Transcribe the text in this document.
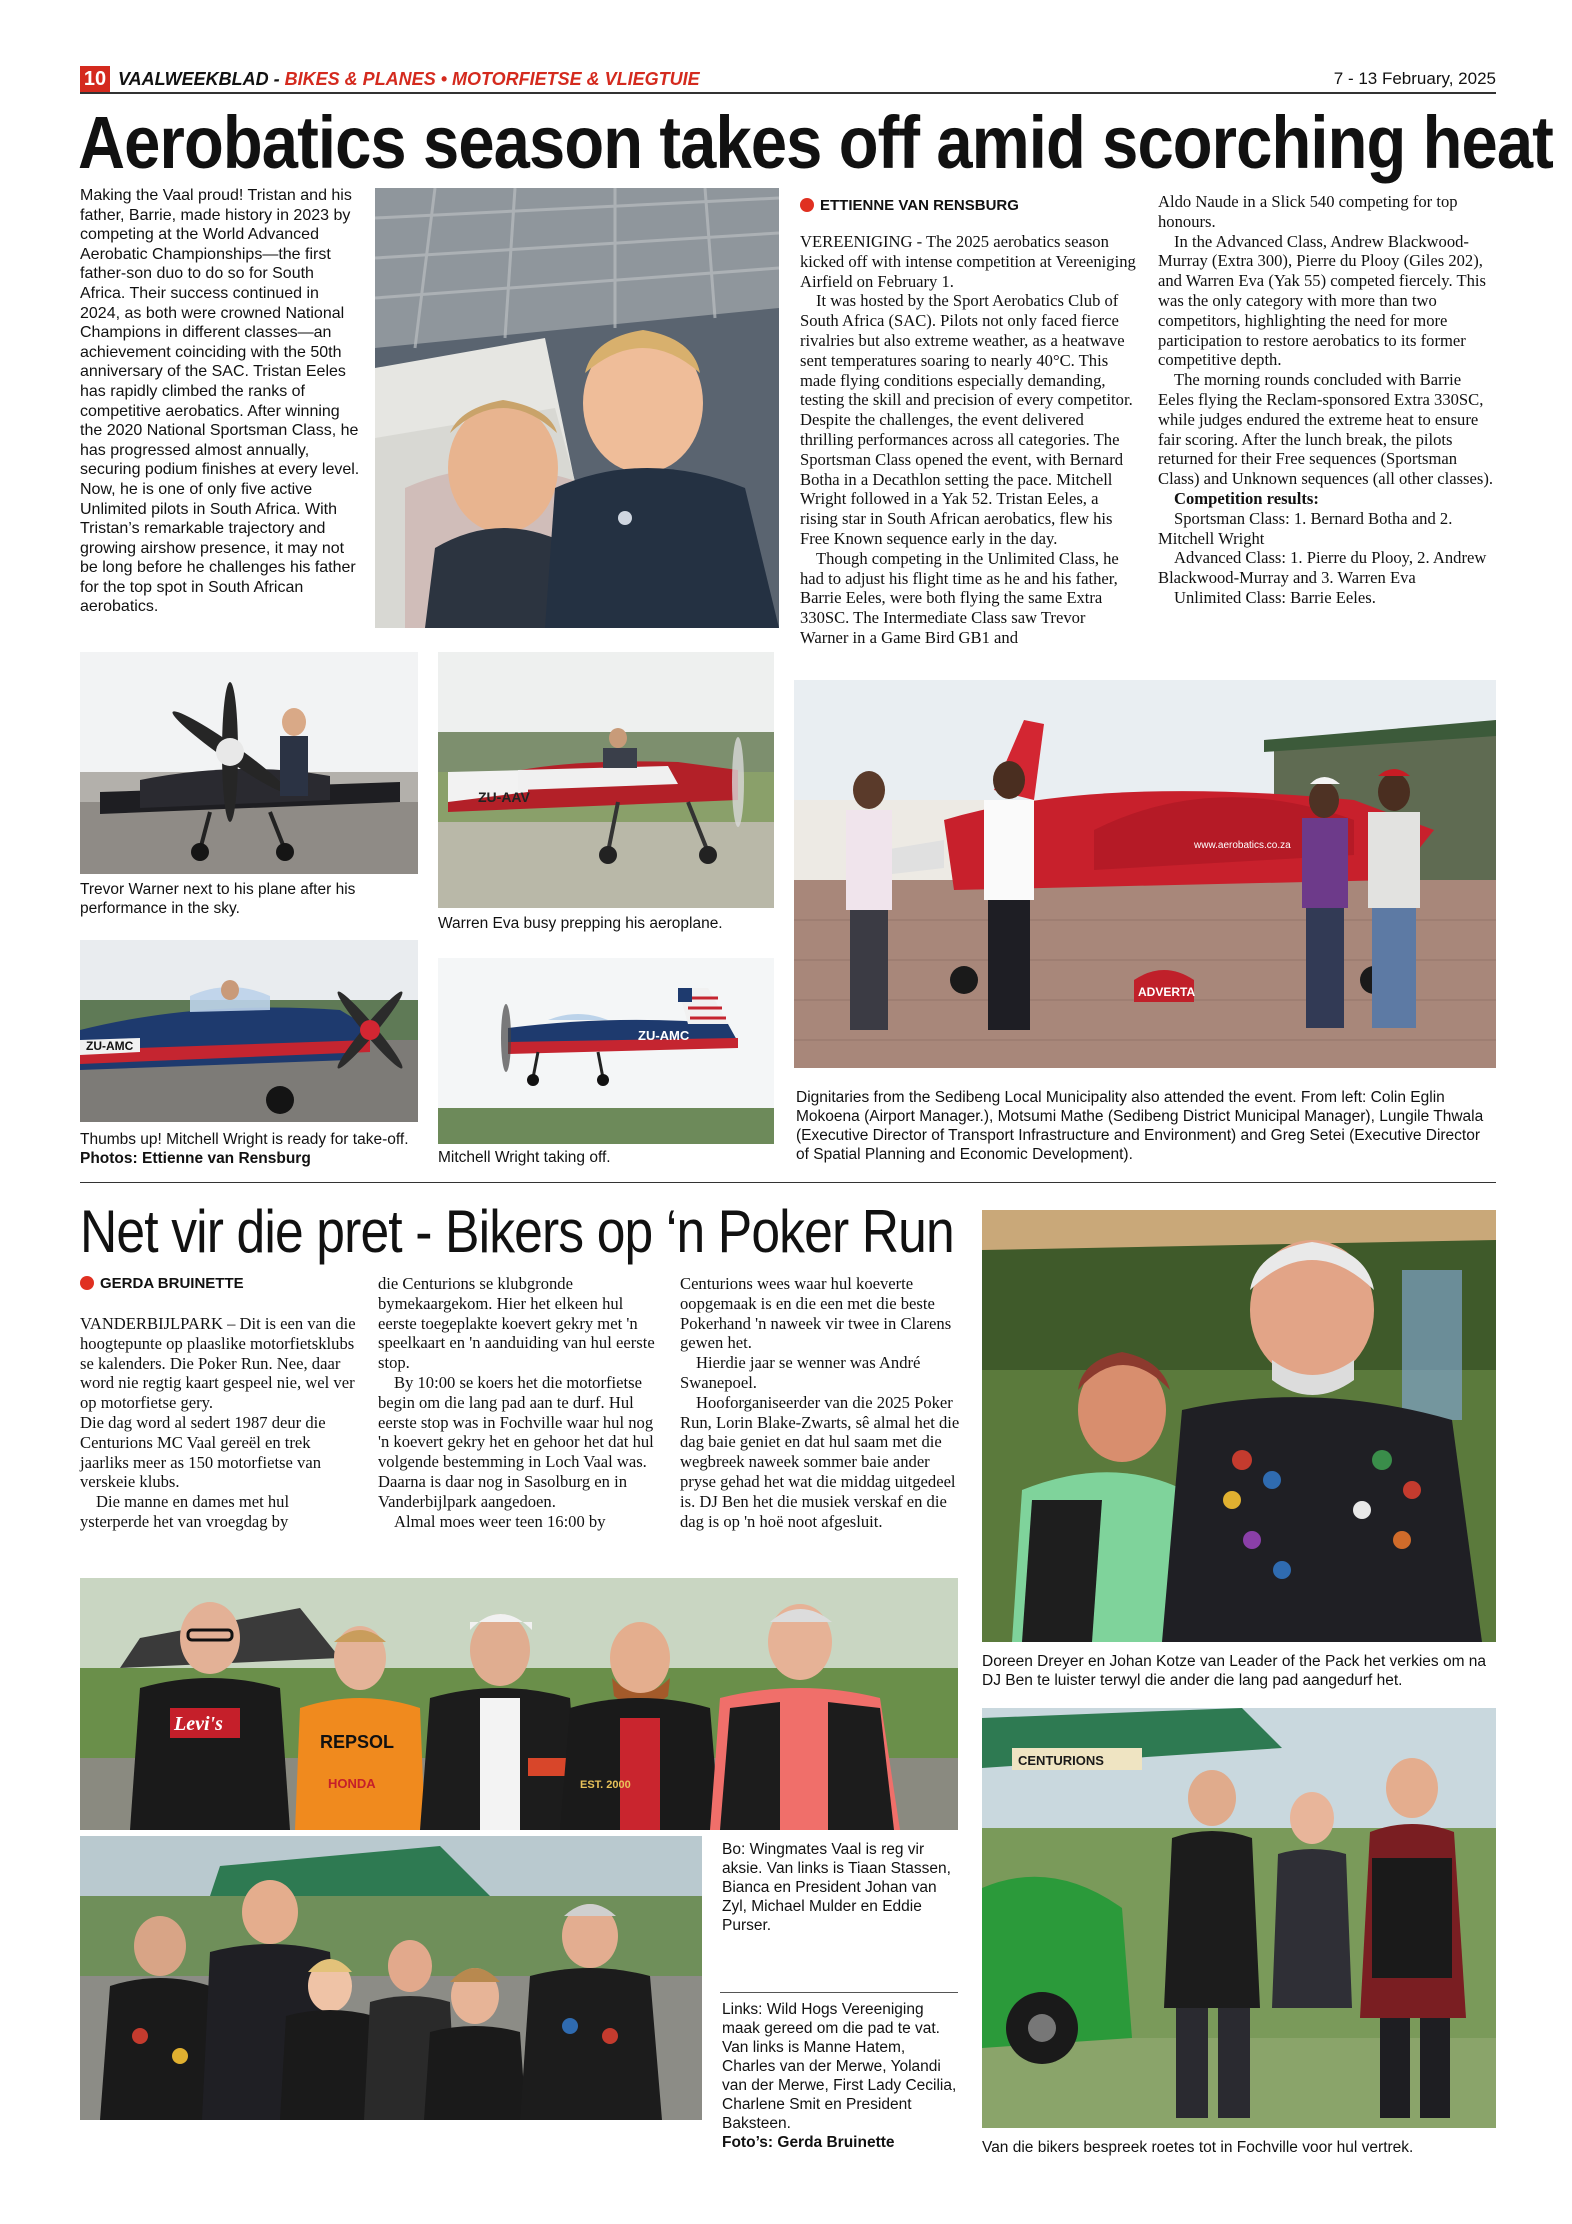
10 VAALWEEKBLAD - BIKES & PLANES • MOTORFIETSE & VLIEGTUIE	7 - 13 February, 2025
Aerobatics season takes off amid scorching heat
Making the Vaal proud! Tristan and his father, Barrie, made history in 2023 by competing at the World Advanced Aerobatic Championships—the first father-son duo to do so for South Africa. Their success continued in 2024, as both were crowned National Champions in different classes—an achievement coinciding with the 50th anniversary of the SAC. Tristan Eeles has rapidly climbed the ranks of competitive aerobatics. After winning the 2020 National Sportsman Class, he has progressed almost annually, securing podium finishes at every level. Now, he is one of only five active Unlimited pilots in South Africa. With Tristan’s remarkable trajectory and growing airshow presence, it may not be long before he challenges his father for the top spot in South African aerobatics.
ETTIENNE VAN RENSBURG

VEREENIGING - The 2025 aerobatics season kicked off with intense competition at Vereeniging Airfield on February 1.

It was hosted by the Sport Aerobatics Club of South Africa (SAC). Pilots not only faced fierce rivalries but also extreme weather, as a heatwave sent temperatures soaring to nearly 40°C. This made flying conditions especially demanding, testing the skill and precision of every competitor. Despite the challenges, the event delivered thrilling performances across all categories. The Sportsman Class opened the event, with Bernard Botha in a Decathlon setting the pace. Mitchell Wright followed in a Yak 52. Tristan Eeles, a rising star in South African aerobatics, flew his Free Known sequence early in the day.

Though competing in the Unlimited Class, he had to adjust his flight time as he and his father, Barrie Eeles, were both flying the same Extra 330SC. The Intermediate Class saw Trevor Warner in a Game Bird GB1 and

Aldo Naude in a Slick 540 competing for top honours.

In the Advanced Class, Andrew Blackwood-Murray (Extra 300), Pierre du Plooy (Giles 202), and Warren Eva (Yak 55) competed fiercely. This was the only category with more than two competitors, highlighting the need for more participation to restore aerobatics to its former competitive depth.

The morning rounds concluded with Barrie Eeles flying the Reclam-sponsored Extra 330SC, while judges endured the extreme heat to ensure fair scoring. After the lunch break, the pilots returned for their Free sequences (Sportsman Class) and Unknown sequences (all other classes).

Competition results:

Sportsman Class: 1. Bernard Botha and 2. Mitchell Wright

Advanced Class: 1. Pierre du Plooy, 2. Andrew Blackwood-Murray and 3. Warren Eva

Unlimited Class: Barrie Eeles.

Trevor Warner next to his plane after his performance in the sky.
ZU-AAV
Warren Eva busy prepping his aeroplane.
www.aerobatics.co.za
ADVERTA
ZU-AMC
Thumbs up! Mitchell Wright is ready for take-off. Photos: Ettienne van Rensburg
ZU-AMC
Mitchell Wright taking off.
Dignitaries from the Sedibeng Local Municipality also attended the event. From left: Colin Eglin Mokoena (Airport Manager.), Motsumi Mathe (Sedibeng District Municipal Manager), Lungile Thwala (Executive Director of Transport Infrastructure and Environment) and Greg Setei (Executive Director of Spatial Planning and Economic Development).
Net vir die pret - Bikers op ‘n Poker Run
GERDA BRUINETTE

VANDERBIJLPARK – Dit is een van die hoogtepunte op plaaslike motorfietsklubs se kalenders. Die Poker Run. Nee, daar word nie regtig kaart gespeel nie, wel ver op motorfietse gery.

Die dag word al sedert 1987 deur die Centurions MC Vaal gereël en trek jaarliks meer as 150 motorfietse van verskeie klubs.

Die manne en dames met hul ysterperde het van vroegdag by

die Centurions se klubgronde bymekaargekom. Hier het elkeen hul eerste toegeplakte koevert gekry met 'n speelkaart en 'n aanduiding van hul eerste stop.

By 10:00 se koers het die motorfietse begin om die lang pad aan te durf. Hul eerste stop was in Fochville waar hul nog 'n koevert gekry het en gehoor het dat hul volgende bestemming in Loch Vaal was. Daarna is daar nog in Sasolburg en in Vanderbijlpark aangedoen.

Almal moes weer teen 16:00 by

Centurions wees waar hul koeverte oopgemaak is en die een met die beste Pokerhand 'n naweek vir twee in Clarens gewen het.

Hierdie jaar se wenner was André Swanepoel.

Hooforganiseerder van die 2025 Poker Run, Lorin Blake-Zwarts, sê almal het die dag baie geniet en dat hul saam met die wegbreek naweek sommer baie ander pryse gehad het wat die middag uitgedeel is. DJ Ben het die musiek verskaf en die dag is op 'n hoë noot afgesluit.

Doreen Dreyer en Johan Kotze van Leader of the Pack het verkies om na DJ Ben te luister terwyl die ander die lang pad aangedurf het.
Levi's
REPSOL
HONDA	EST. 2000
Bo: Wingmates Vaal is reg vir aksie. Van links is Tiaan Stassen, Bianca en President Johan van Zyl, Michael Mulder en Eddie Purser.
Links: Wild Hogs Vereeniging maak gereed om die pad te vat. Van links is Manne Hatem, Charles van der Merwe, Yolandi van der Merwe, First Lady Cecilia, Charlene Smit en President Baksteen.
Foto’s: Gerda Bruinette
CENTURIONS
Van die bikers bespreek roetes tot in Fochville voor hul vertrek.
